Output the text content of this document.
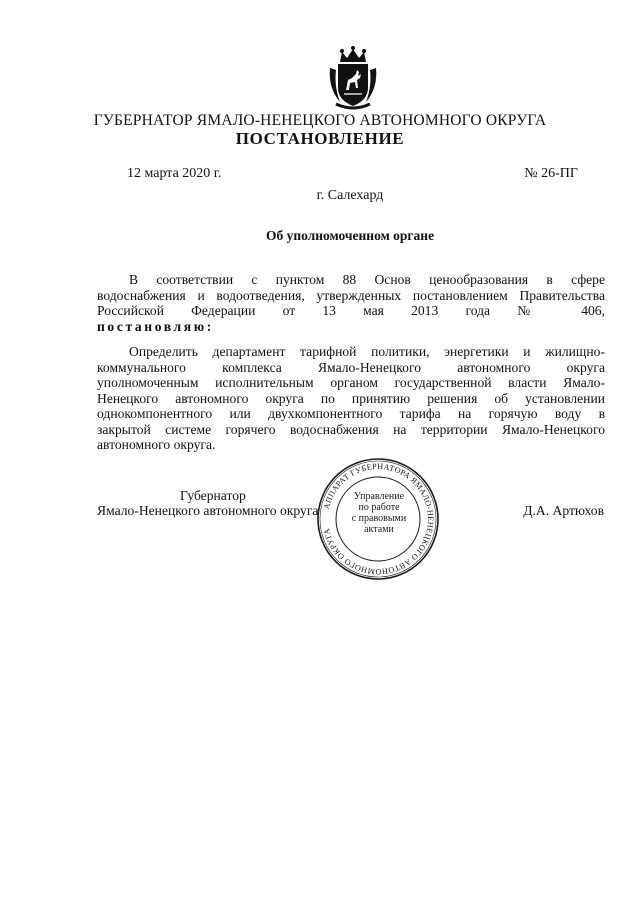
ГУБЕРНАТОР ЯМАЛО-НЕНЕЦКОГО АВТОНОМНОГО ОКРУГА
ПОСТАНОВЛЕНИЕ
12 марта 2020 г.	№ 26-ПГ
г. Салехард
Об уполномоченном органе
В соответствии с пунктом 88 Основ ценообразования в сфере
водоснабжения и водоотведения, утвержденных постановлением Правительства
Российской Федерации от 13 мая 2013 года № 406,
постановляю:
Определить департамент тарифной политики, энергетики и жилищно-
коммунального комплекса Ямало-Ненецкого автономного округа
уполномоченным исполнительным органом государственной власти Ямало-
Ненецкого автономного округа по принятию решения об установлении
однокомпонентного или двухкомпонентного тарифа на горячую воду в
закрытой системе горячего водоснабжения на территории Ямало-Ненецкого
автономного округа.
Губернатор
Ямало-Ненецкого автономного округа	Д.А. Артюхов
АППАРАТ ГУБЕРНАТОРА ЯМАЛО-НЕНЕЦКОГО АВТОНОМНОГО ОКРУГА
Управление
по работе
с правовыми
актами
